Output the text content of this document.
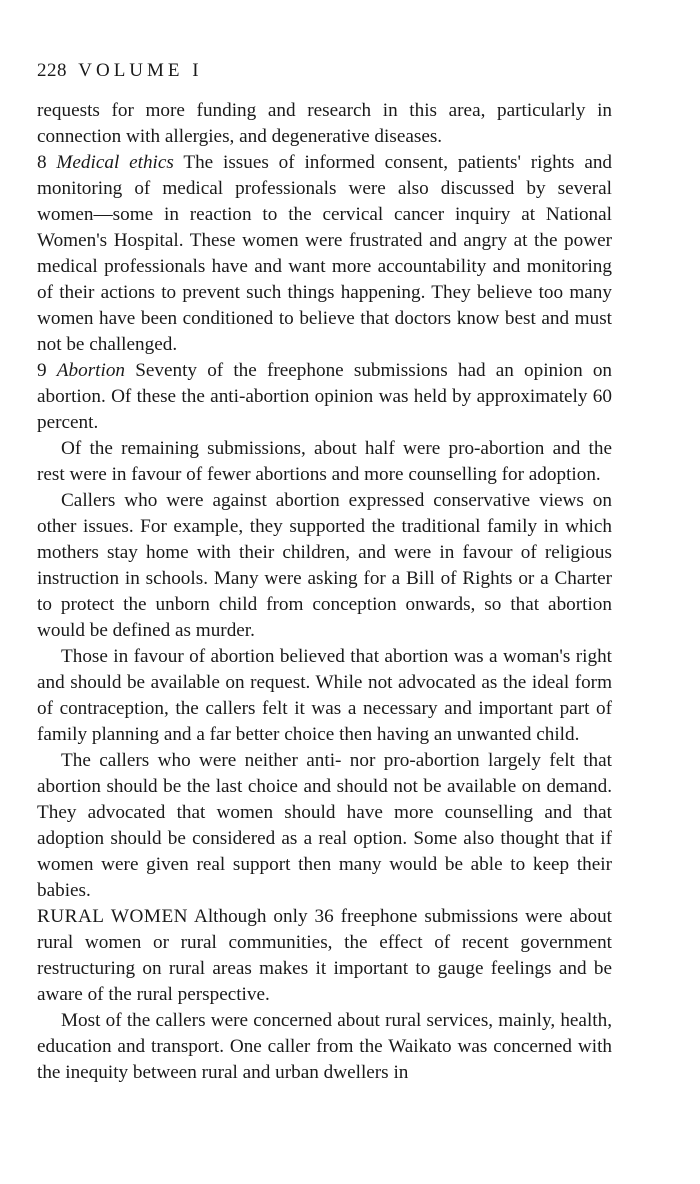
228 VOLUME I

requests for more funding and research in this area, particularly in connection with allergies, and degenerative diseases.

8 Medical ethics The issues of informed consent, patients' rights and monitoring of medical professionals were also discussed by several women—some in reaction to the cervical cancer inquiry at National Women's Hospital. These women were frustrated and angry at the power medical professionals have and want more accountability and monitoring of their actions to prevent such things happening. They believe too many women have been conditioned to believe that doctors know best and must not be challenged.

9 Abortion Seventy of the freephone submissions had an opinion on abortion. Of these the anti-abortion opinion was held by approximately 60 percent.

Of the remaining submissions, about half were pro-abortion and the rest were in favour of fewer abortions and more counselling for adoption.

Callers who were against abortion expressed conservative views on other issues. For example, they supported the traditional family in which mothers stay home with their children, and were in favour of religious instruction in schools. Many were asking for a Bill of Rights or a Charter to protect the unborn child from conception onwards, so that abortion would be defined as murder.

Those in favour of abortion believed that abortion was a woman's right and should be available on request. While not advocated as the ideal form of contraception, the callers felt it was a necessary and important part of family planning and a far better choice then having an unwanted child.

The callers who were neither anti- nor pro-abortion largely felt that abortion should be the last choice and should not be available on demand. They advocated that women should have more counselling and that adoption should be considered as a real option. Some also thought that if women were given real support then many would be able to keep their babies.

RURAL WOMEN Although only 36 freephone submissions were about rural women or rural communities, the effect of recent government restructuring on rural areas makes it important to gauge feelings and be aware of the rural perspective.

Most of the callers were concerned about rural services, mainly, health, education and transport. One caller from the Waikato was concerned with the inequity between rural and urban dwellers in
